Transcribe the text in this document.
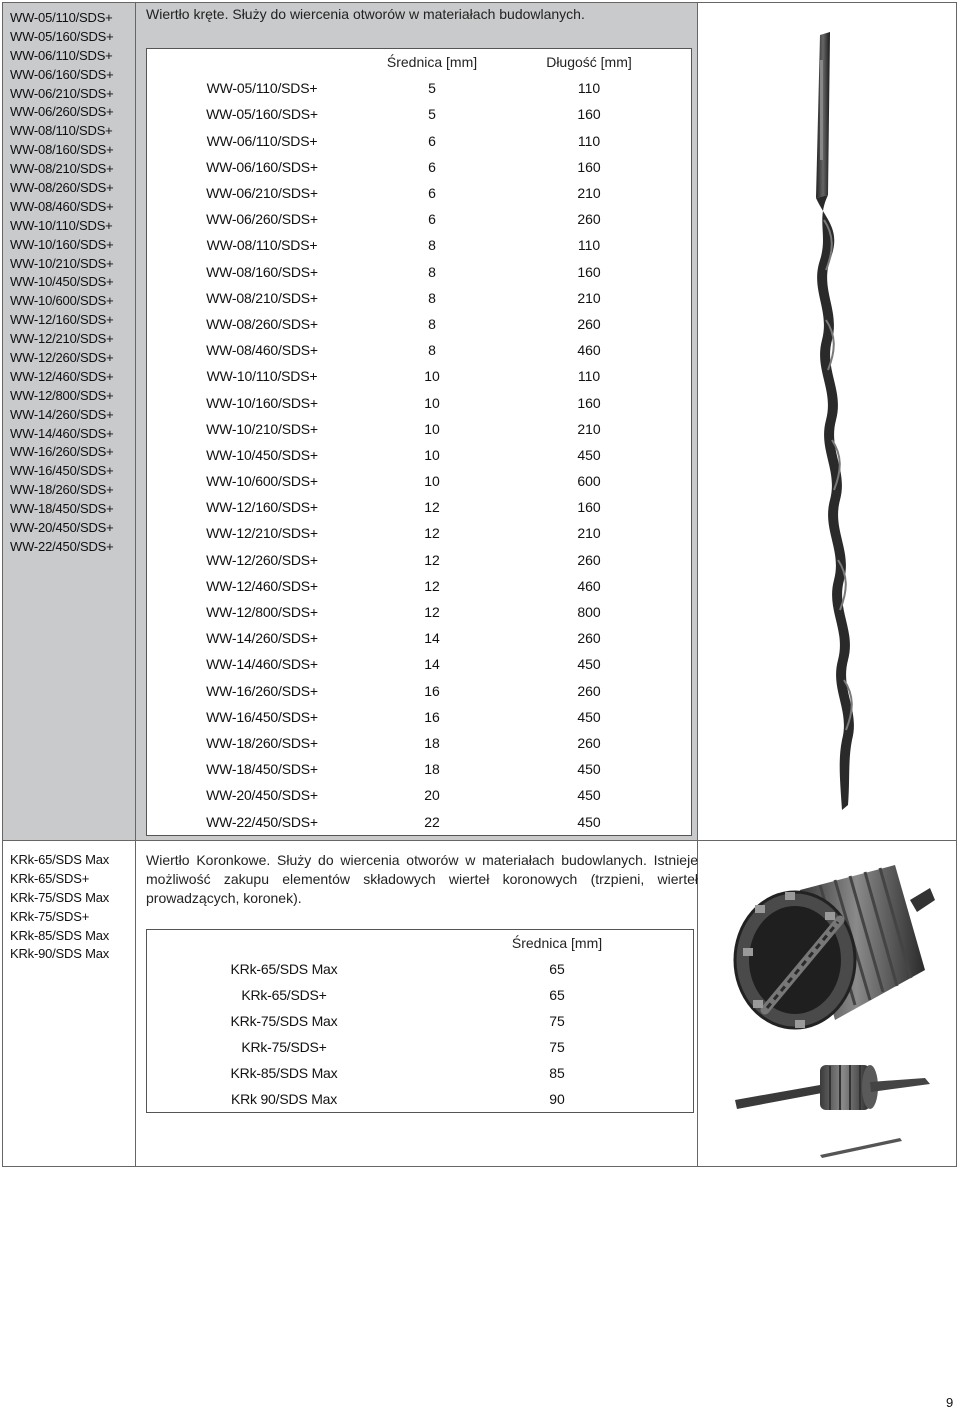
WW-05/110/SDS+
WW-05/160/SDS+
WW-06/110/SDS+
WW-06/160/SDS+
WW-06/210/SDS+
WW-06/260/SDS+
WW-08/110/SDS+
WW-08/160/SDS+
WW-08/210/SDS+
WW-08/260/SDS+
WW-08/460/SDS+
WW-10/110/SDS+
WW-10/160/SDS+
WW-10/210/SDS+
WW-10/450/SDS+
WW-10/600/SDS+
WW-12/160/SDS+
WW-12/210/SDS+
WW-12/260/SDS+
WW-12/460/SDS+
WW-12/800/SDS+
WW-14/260/SDS+
WW-14/460/SDS+
WW-16/260/SDS+
WW-16/450/SDS+
WW-18/260/SDS+
WW-18/450/SDS+
WW-20/450/SDS+
WW-22/450/SDS+
Wiertło kręte. Służy do wiercenia otworów w materiałach budowlanych.
	Średnica [mm]	Długość [mm]
WW-05/110/SDS+	5	110
WW-05/160/SDS+	5	160
WW-06/110/SDS+	6	110
WW-06/160/SDS+	6	160
WW-06/210/SDS+	6	210
WW-06/260/SDS+	6	260
WW-08/110/SDS+	8	110
WW-08/160/SDS+	8	160
WW-08/210/SDS+	8	210
WW-08/260/SDS+	8	260
WW-08/460/SDS+	8	460
WW-10/110/SDS+	10	110
WW-10/160/SDS+	10	160
WW-10/210/SDS+	10	210
WW-10/450/SDS+	10	450
WW-10/600/SDS+	10	600
WW-12/160/SDS+	12	160
WW-12/210/SDS+	12	210
WW-12/260/SDS+	12	260
WW-12/460/SDS+	12	460
WW-12/800/SDS+	12	800
WW-14/260/SDS+	14	260
WW-14/460/SDS+	14	450
WW-16/260/SDS+	16	260
WW-16/450/SDS+	16	450
WW-18/260/SDS+	18	260
WW-18/450/SDS+	18	450
WW-20/450/SDS+	20	450
WW-22/450/SDS+	22	450
KRk-65/SDS Max
KRk-65/SDS+
KRk-75/SDS Max
KRk-75/SDS+
KRk-85/SDS Max
KRk-90/SDS Max
Wiertło Koronkowe. Służy do wiercenia otworów w materiałach budowlanych. Istnieje możliwość zakupu elementów składowych wierteł koronowych (trzpieni, wierteł prowadzących, koronek).
	Średnica [mm]
KRk-65/SDS Max	65
KRk-65/SDS+	65
KRk-75/SDS Max	75
KRk-75/SDS+	75
KRk-85/SDS Max	85
KRk 90/SDS Max	90
9
